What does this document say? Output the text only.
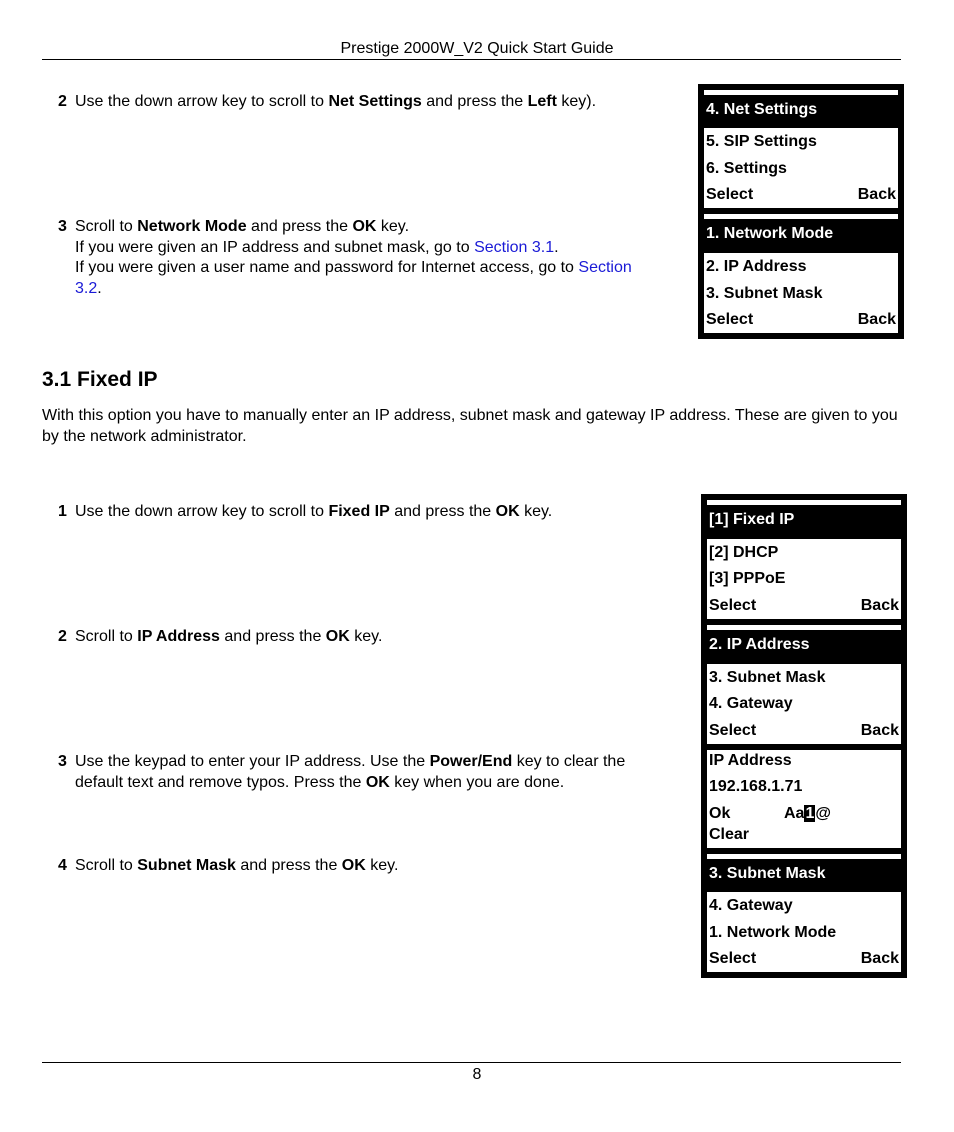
Prestige 2000W_V2 Quick Start Guide
2 Use the down arrow key to scroll to Net Settings and press the Left key).
3 Scroll to Network Mode and press the OK key.
If you were given an IP address and subnet mask, go to Section 3.1.
If you were given a user name and password for Internet access, go to Section
3.2.
4. Net Settings
5. SIP Settings
6. Settings
Select	Back
1. Network Mode
2. IP Address
3. Subnet Mask
Select	Back
3.1 Fixed IP
With this option you have to manually enter an IP address, subnet mask and gateway IP address. These are given to you by the network administrator.
1 Use the down arrow key to scroll to Fixed IP and press the OK key.
2 Scroll to IP Address and press the OK key.
3 Use the keypad to enter your IP address. Use the Power/End key to clear the
default text and remove typos. Press the OK key when you are done.
4 Scroll to Subnet Mask and press the OK key.
[1] Fixed IP
[2] DHCP
[3] PPPoE
Select	Back
2. IP Address
3. Subnet Mask
4. Gateway
Select	Back
IP Address
192.168.1.71
Ok	Aa1@
Clear
3. Subnet Mask
4. Gateway
1. Network Mode
Select	Back
8
